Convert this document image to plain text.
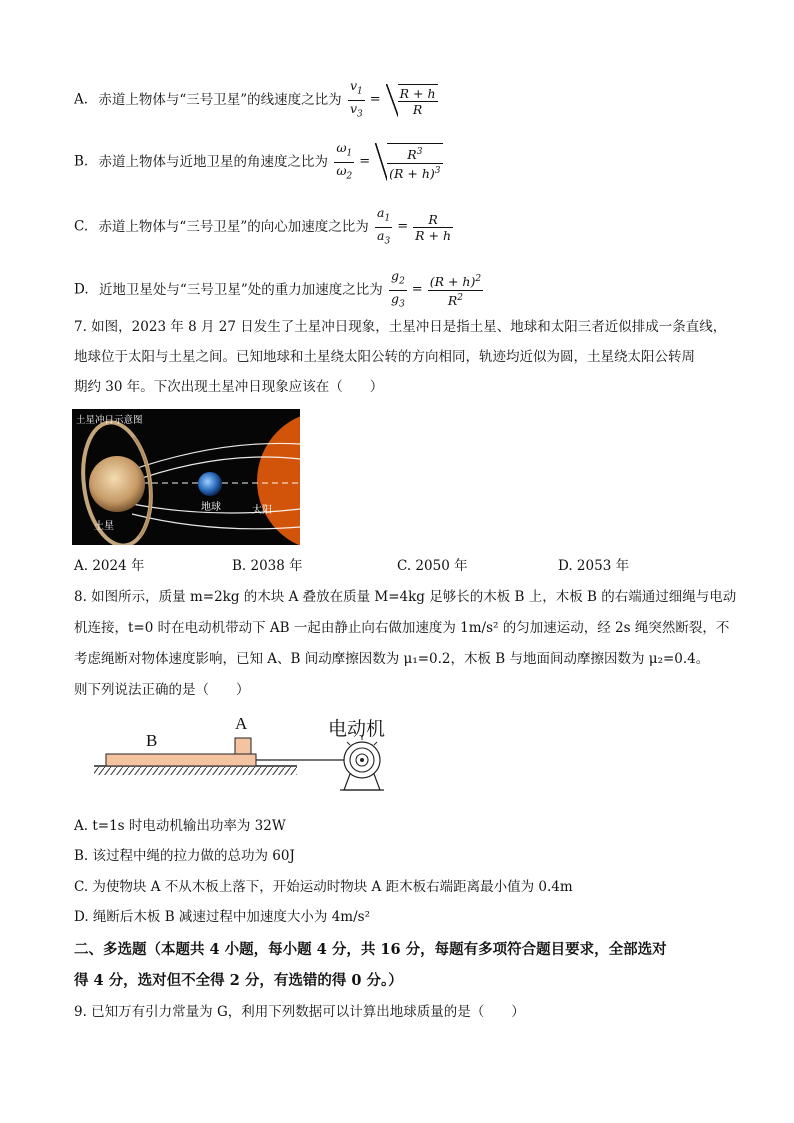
A. 赤道上物体与“三号卫星”的线速度之比为 $\frac{v_1}{v_3} = \frac{R + h}{R}$
B. 赤道上物体与近地卫星的角速度之比为 $\frac{\omega_1}{\omega_2} = \frac{R^3}{(R + h)^3}$
C. 赤道上物体与“三号卫星”的向心加速度之比为 $\frac{a_1}{a_3} = \frac{R}{R + h}$
D. 近地卫星处与“三号卫星”处的重力加速度之比为 $\frac{g_2}{g_3} = \frac{(R + h)^2}{R^2}$
7. 如图，2023 年 8 月 27 日发生了土星冲日现象，土星冲日是指土星、地球和太阳三者近似排成一条直线，
地球位于太阳与土星之间。已知地球和土星绕太阳公转的方向相同，轨迹均近似为圆，土星绕太阳公转周
期约 30 年。下次出现土星冲日现象应该在（　　）
土星冲日示意图
土星
地球	太阳
A. 2024 年	B. 2038 年	C. 2050 年	D. 2053 年
8. 如图所示，质量 m=2kg 的木块 A 叠放在质量 M=4kg 足够长的木板 B 上，木板 B 的右端通过细绳与电动
机连接，t=0 时在电动机带动下 AB 一起由静止向右做加速度为 1m/s² 的匀加速运动，经 2s 绳突然断裂，不
考虑绳断对物体速度影响，已知 A、B 间动摩擦因数为 μ₁=0.2，木板 B 与地面间动摩擦因数为 μ₂=0.4。
则下列说法正确的是（　　）
A
B
电动机
A. t=1s 时电动机输出功率为 32W
B. 该过程中绳的拉力做的总功为 60J
C. 为使物块 A 不从木板上落下，开始运动时物块 A 距木板右端距离最小值为 0.4m
D. 绳断后木板 B 减速过程中加速度大小为 4m/s²
二、多选题（本题共 4 小题，每小题 4 分，共 16 分，每题有多项符合题目要求，全部选对
得 4 分，选对但不全得 2 分，有选错的得 0 分。）
9. 已知万有引力常量为 G，利用下列数据可以计算出地球质量的是（　　）
